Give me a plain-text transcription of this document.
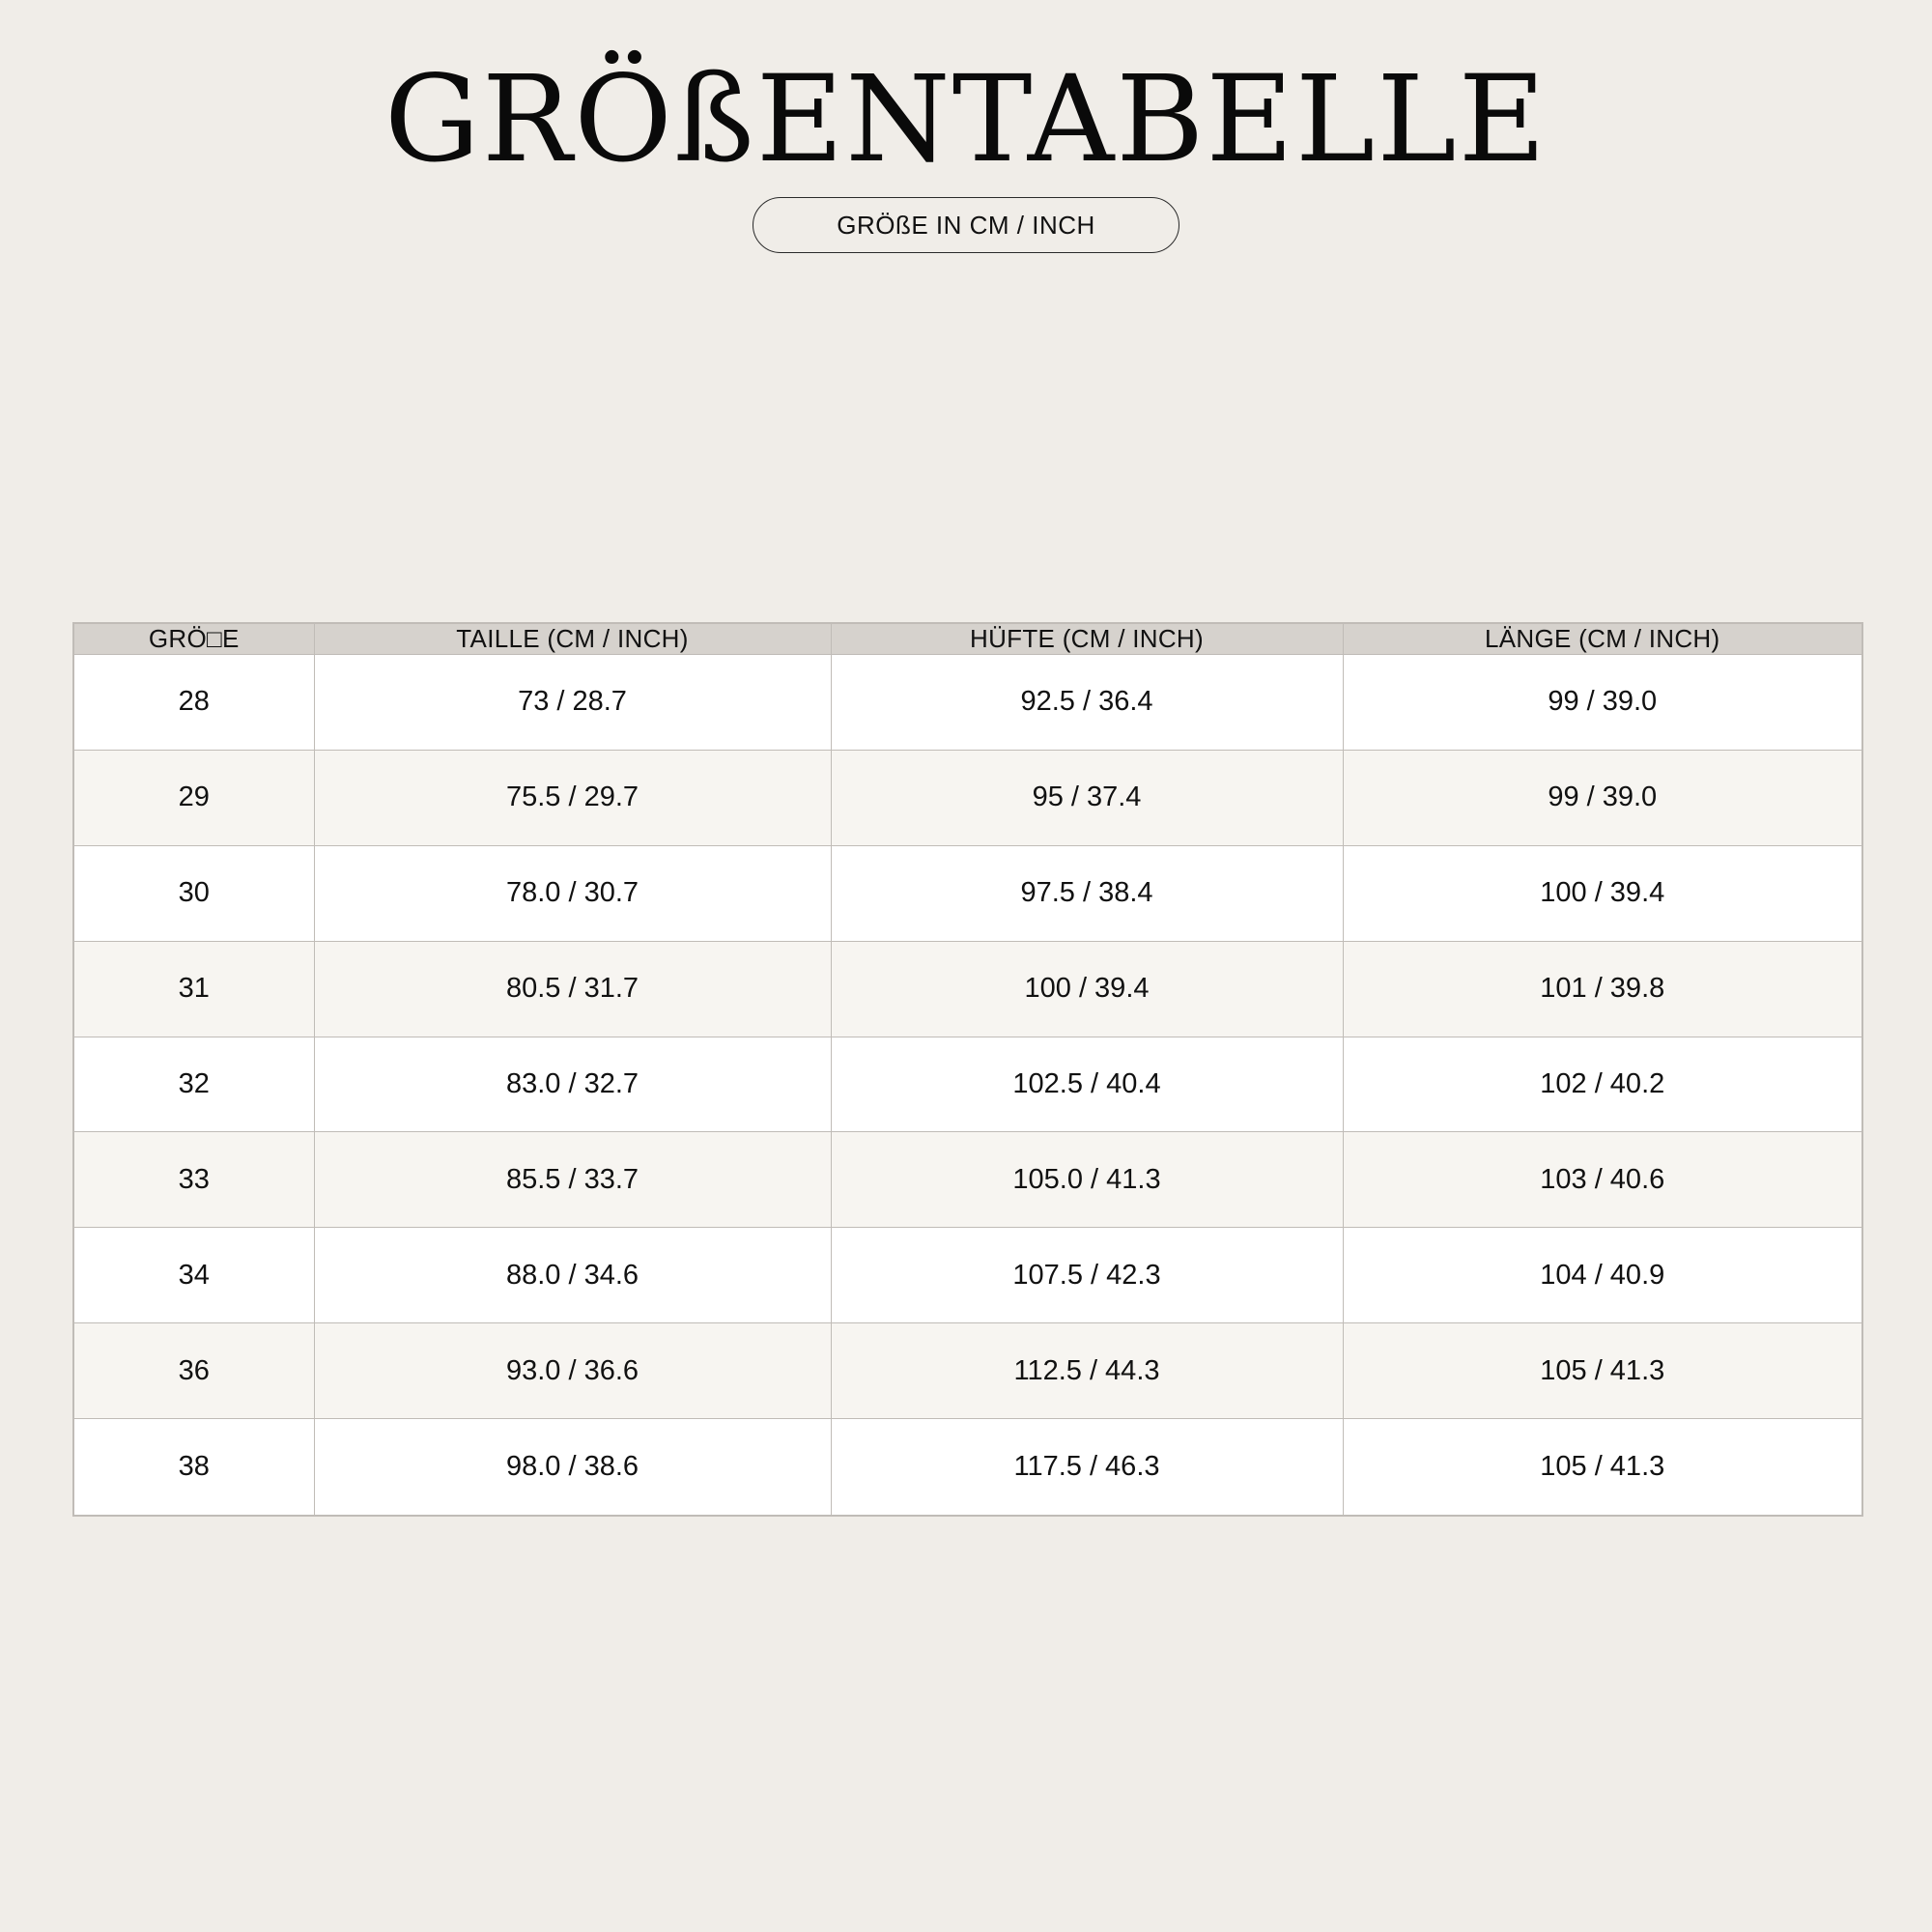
GRÖßENTABELLE
GRÖßE IN CM / INCH
GRÖ□E	TAILLE (CM / INCH)	HÜFTE (CM / INCH)	LÄNGE (CM / INCH)
28	73 / 28.7	92.5 / 36.4	99 / 39.0
29	75.5 / 29.7	95 / 37.4	99 / 39.0
30	78.0 / 30.7	97.5 / 38.4	100 / 39.4
31	80.5 / 31.7	100 / 39.4	101 / 39.8
32	83.0 / 32.7	102.5 / 40.4	102 / 40.2
33	85.5 / 33.7	105.0 / 41.3	103 / 40.6
34	88.0 / 34.6	107.5 / 42.3	104 / 40.9
36	93.0 / 36.6	112.5 / 44.3	105 / 41.3
38	98.0 / 38.6	117.5 / 46.3	105 / 41.3
